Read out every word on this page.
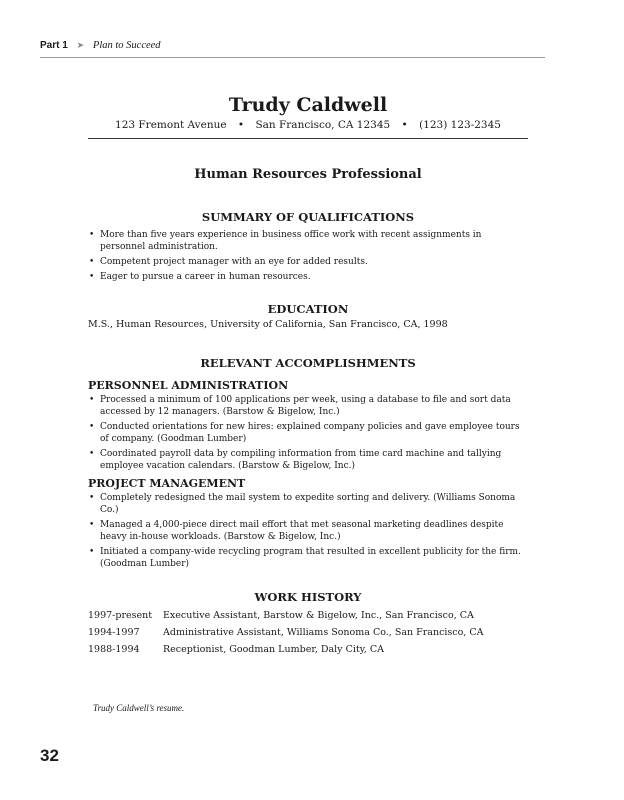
Part 1 ➤ Plan to Succeed
Trudy Caldwell
123 Fremont Avenue • San Francisco, CA 12345 • (123) 123-2345
Human Resources Professional
SUMMARY OF QUALIFICATIONS
• More than five years experience in business office work with recent assignments in personnel administration.
• Competent project manager with an eye for added results.
• Eager to pursue a career in human resources.
EDUCATION
M.S., Human Resources, University of California, San Francisco, CA, 1998
RELEVANT ACCOMPLISHMENTS
PERSONNEL ADMINISTRATION
• Processed a minimum of 100 applications per week, using a database to file and sort data accessed by 12 managers. (Barstow & Bigelow, Inc.)
• Conducted orientations for new hires: explained company policies and gave employee tours of company. (Goodman Lumber)
• Coordinated payroll data by compiling information from time card machine and tallying employee vacation calendars. (Barstow & Bigelow, Inc.)
PROJECT MANAGEMENT
• Completely redesigned the mail system to expedite sorting and delivery. (Williams Sonoma Co.)
• Managed a 4,000-piece direct mail effort that met seasonal marketing deadlines despite heavy in-house workloads. (Barstow & Bigelow, Inc.)
• Initiated a company-wide recycling program that resulted in excellent publicity for the firm. (Goodman Lumber)
WORK HISTORY
1997-present	Executive Assistant, Barstow & Bigelow, Inc., San Francisco, CA
1994-1997	Administrative Assistant, Williams Sonoma Co., San Francisco, CA
1988-1994	Receptionist, Goodman Lumber, Daly City, CA
Trudy Caldwell’s resume.
32
